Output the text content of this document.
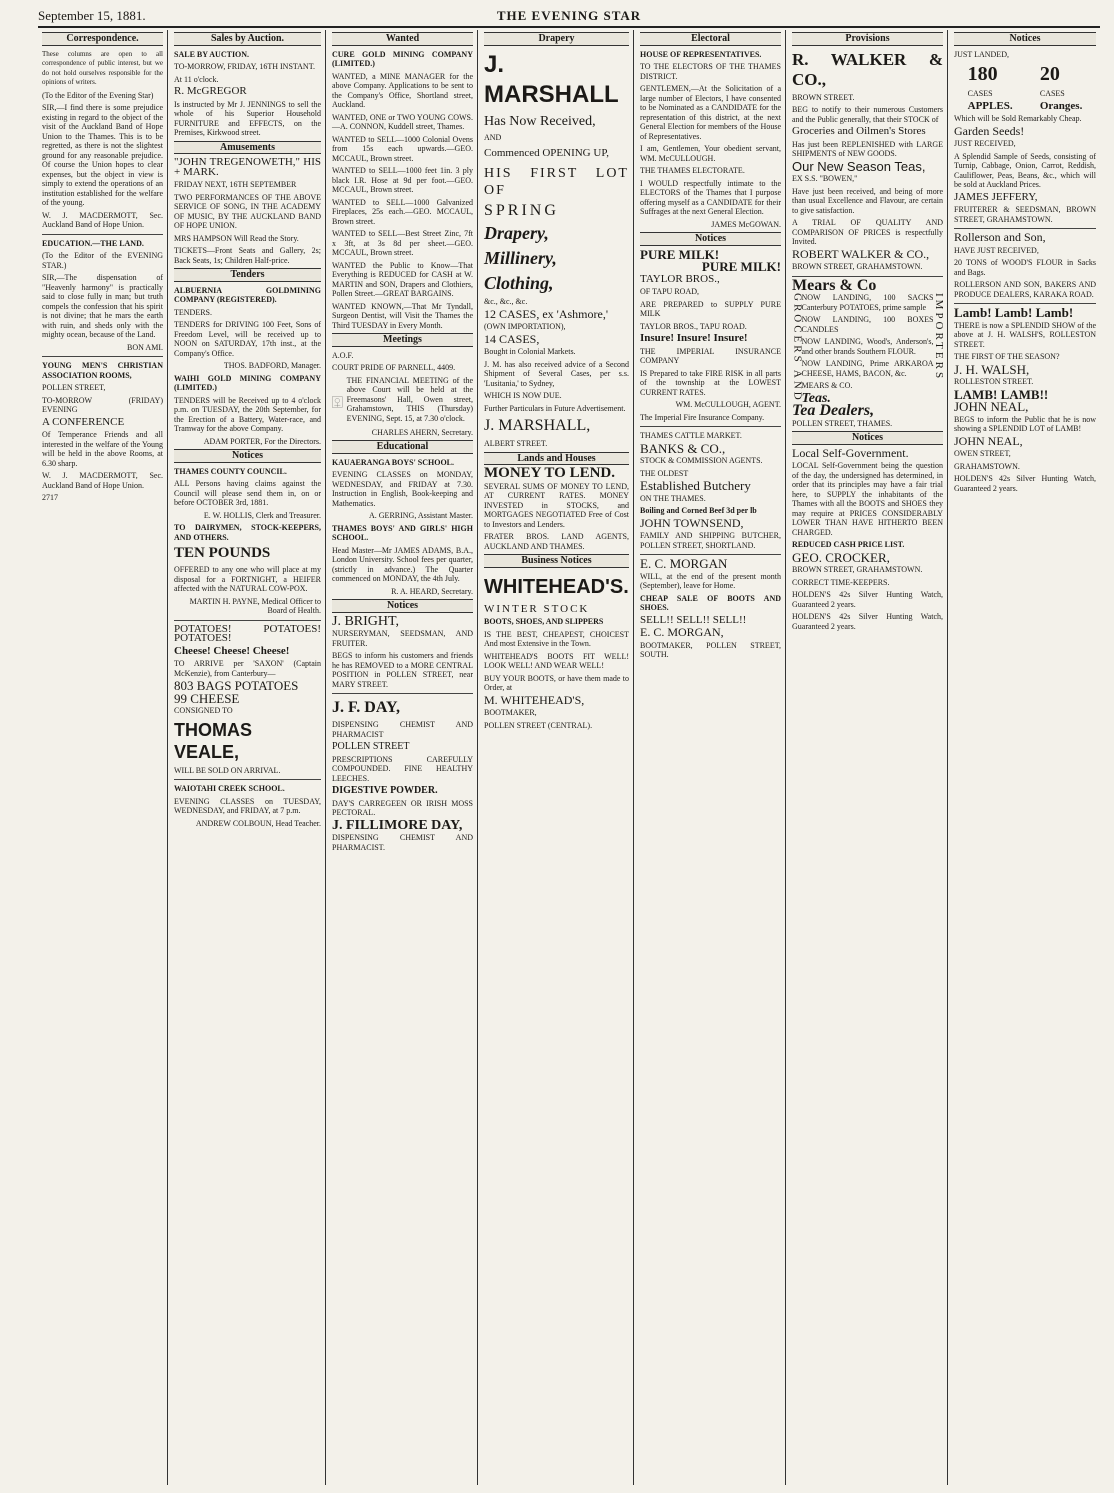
September 15, 1881.	THE EVENING STAR
Correspondence.

These columns are open to all correspondence of public interest, but we do not hold ourselves responsible for the opinions of writers.

(To the Editor of the Evening Star)

SIR,—I find there is some prejudice existing in regard to the object of the visit of the Auckland Band of Hope Union to the Thames. This is to be regretted, as there is not the slightest ground for any reasonable prejudice. Of course the Union hopes to clear expenses, but the object in view is simply to extend the operations of an institution established for the welfare of the young.

W. J. MACDERMOTT, Sec. Auckland Band of Hope Union.

EDUCATION.—THE LAND.

(To the Editor of the EVENING STAR.)

SIR,—The dispensation of "Heavenly harmony" is practically said to close fully in man; but truth compels the confession that his spirit is not divine; that he mars the earth with ruin, and sheds only with the mighty ocean, because of the Land.

BON AMI.

YOUNG MEN'S CHRISTIAN ASSOCIATION ROOMS,

POLLEN STREET,

TO-MORROW (FRIDAY) EVENING

A CONFERENCE

Of Temperance Friends and all interested in the welfare of the Young will be held in the above Rooms, at 6.30 sharp.

W. J. MACDERMOTT, Sec. Auckland Band of Hope Union.

2717

Sales by Auction.

SALE BY AUCTION.

TO-MORROW, FRIDAY, 16TH INSTANT.

At 11 o'clock.

R. McGREGOR

Is instructed by Mr J. JENNINGS to sell the whole of his Superior Household FURNITURE and EFFECTS, on the Premises, Kirkwood street.

Amusements

"JOHN TREGENOWETH," HIS + MARK.

FRIDAY NEXT, 16TH SEPTEMBER

TWO PERFORMANCES OF THE ABOVE SERVICE OF SONG, IN THE ACADEMY OF MUSIC, BY THE AUCKLAND BAND OF HOPE UNION.

MRS HAMPSON Will Read the Story.

TICKETS—Front Seats and Gallery, 2s; Back Seats, 1s; Children Half-price.

Tenders

ALBUERNIA GOLDMINING COMPANY (REGISTERED).

TENDERS.

TENDERS for DRIVING 100 Feet, Sons of Freedom Level, will be received up to NOON on SATURDAY, 17th inst., at the Company's Office.

THOS. BADFORD, Manager.

WAIHI GOLD MINING COMPANY (LIMITED.)

TENDERS will be Received up to 4 o'clock p.m. on TUESDAY, the 20th September, for the Erection of a Battery, Water-race, and Tramway for the above Company.

ADAM PORTER, For the Directors.

Notices

THAMES COUNTY COUNCIL.

ALL Persons having claims against the Council will please send them in, on or before OCTOBER 3rd, 1881.

E. W. HOLLIS, Clerk and Treasurer.

TO DAIRYMEN, STOCK-KEEPERS, AND OTHERS.

TEN POUNDS

OFFERED to any one who will place at my disposal for a FORTNIGHT, a HEIFER affected with the NATURAL COW-POX.

MARTIN H. PAYNE, Medical Officer to Board of Health.

POTATOES! POTATOES! POTATOES!

Cheese! Cheese! Cheese!

TO ARRIVE per 'SAXON' (Captain McKenzie), from Canterbury—

803 BAGS POTATOES

99 CHEESE

CONSIGNED TO

THOMAS VEALE,

WILL BE SOLD ON ARRIVAL.

WAIOTAHI CREEK SCHOOL.

EVENING CLASSES on TUESDAY, WEDNESDAY, and FRIDAY, at 7 p.m.

ANDREW COLBOUN, Head Teacher.

Wanted

CURE GOLD MINING COMPANY (LIMITED.)

WANTED, a MINE MANAGER for the above Company. Applications to be sent to the Company's Office, Shortland street, Auckland.

WANTED, ONE or TWO YOUNG COWS.—A. CONNON, Kuddell street, Thames.

WANTED to SELL—1000 Colonial Ovens from 15s each upwards.—GEO. MCCAUL, Brown street.

WANTED to SELL—1000 feet 1in. 3 ply black I.R. Hose at 9d per foot.—GEO. MCCAUL, Brown street.

WANTED to SELL—1000 Galvanized Fireplaces, 25s each.—GEO. MCCAUL, Brown street.

WANTED to SELL—Best Street Zinc, 7ft x 3ft, at 3s 8d per sheet.—GEO. MCCAUL, Brown street.

WANTED the Public to Know—That Everything is REDUCED for CASH at W. MARTIN and SON, Drapers and Clothiers, Pollen Street.—GREAT BARGAINS.

WANTED KNOWN,—That Mr Tyndall, Surgeon Dentist, will Visit the Thames the Third TUESDAY in Every Month.

Meetings

A.O.F.

COURT PRIDE OF PARNELL, 4409.

THE FINANCIAL MEETING of the above Court will be held at the Freemasons' Hall, Owen street, Grahamstown, THIS (Thursday) EVENING, Sept. 15, at 7.30 o'clock.

CHARLES AHERN, Secretary.

Educational

KAUAERANGA BOYS' SCHOOL.

EVENING CLASSES on MONDAY, WEDNESDAY, and FRIDAY at 7.30. Instruction in English, Book-keeping and Mathematics.

A. GERRING, Assistant Master.

THAMES BOYS' AND GIRLS' HIGH SCHOOL.

Head Master—Mr JAMES ADAMS, B.A., London University. School fees per quarter, (strictly in advance.) The Quarter commenced on MONDAY, the 4th July.

R. A. HEARD, Secretary.

Notices

J. BRIGHT,

NURSERYMAN, SEEDSMAN, AND FRUITER.

BEGS to inform his customers and friends he has REMOVED to a MORE CENTRAL POSITION in POLLEN STREET, near MARY STREET.

J. F. DAY,

DISPENSING CHEMIST AND PHARMACIST

POLLEN STREET

PRESCRIPTIONS CAREFULLY COMPOUNDED. FINE HEALTHY LEECHES.

DIGESTIVE POWDER.

DAY'S CARREGEEN OR IRISH MOSS PECTORAL.

J. FILLIMORE DAY,

DISPENSING CHEMIST AND PHARMACIST.

Drapery

J. MARSHALL

Has Now Received,

AND

Commenced OPENING UP,

HIS FIRST LOT OF

SPRING

Drapery,

Millinery,

Clothing,

&c., &c., &c.

12 CASES, ex 'Ashmore,'

(OWN IMPORTATION),

14 CASES,

Bought in Colonial Markets.

J. M. has also received advice of a Second Shipment of Several Cases, per s.s. 'Lusitania,' to Sydney,

WHICH IS NOW DUE.

Further Particulars in Future Advertisement.

J. MARSHALL,

ALBERT STREET.

Lands and Houses

MONEY TO LEND.

SEVERAL SUMS OF MONEY TO LEND, AT CURRENT RATES. MONEY INVESTED in STOCKS, and MORTGAGES NEGOTIATED Free of Cost to Investors and Lenders.

FRATER BROS. LAND AGENTS, AUCKLAND AND THAMES.

Business Notices

WHITEHEAD'S.

WINTER STOCK

BOOTS, SHOES, AND SLIPPERS

IS THE BEST, CHEAPEST, CHOICEST And most Extensive in the Town.

WHITEHEAD'S BOOTS FIT WELL! LOOK WELL! AND WEAR WELL!

BUY YOUR BOOTS, or have them made to Order, at

M. WHITEHEAD'S,

BOOTMAKER,

POLLEN STREET (CENTRAL).

Electoral

HOUSE OF REPRESENTATIVES.

TO THE ELECTORS OF THE THAMES DISTRICT.

GENTLEMEN,—At the Solicitation of a large number of Electors, I have consented to be Nominated as a CANDIDATE for the representation of this district, at the next General Election for members of the House of Representatives.

I am, Gentlemen, Your obedient servant, WM. McCULLOUGH.

THE THAMES ELECTORATE.

I WOULD respectfully intimate to the ELECTORS of the Thames that I purpose offering myself as a CANDIDATE for their Suffrages at the next General Election.

JAMES McGOWAN.

Notices

PURE MILK!

PURE MILK!

TAYLOR BROS.,

OF TAPU ROAD,

ARE PREPARED to SUPPLY PURE MILK

TAYLOR BROS., TAPU ROAD.

Insure! Insure! Insure!

THE IMPERIAL INSURANCE COMPANY

IS Prepared to take FIRE RISK in all parts of the township at the LOWEST CURRENT RATES.

WM. McCULLOUGH, AGENT.

The Imperial Fire Insurance Company.

THAMES CATTLE MARKET.

BANKS & CO.,

STOCK & COMMISSION AGENTS.

THE OLDEST

Established Butchery

ON THE THAMES.

Boiling and Corned Beef 3d per lb

JOHN TOWNSEND,

FAMILY AND SHIPPING BUTCHER, POLLEN STREET, SHORTLAND.

E. C. MORGAN

WILL, at the end of the present month (September), leave for Home.

CHEAP SALE OF BOOTS AND SHOES.

SELL!! SELL!! SELL!!

E. C. MORGAN,

BOOTMAKER, POLLEN STREET, SOUTH.

Provisions

R. WALKER & CO.,

BROWN STREET.

BEG to notify to their numerous Customers and the Public generally, that their STOCK of

Groceries and Oilmen's Stores

Has just been REPLENISHED with LARGE SHIPMENTS of NEW GOODS.

Our New Season Teas,

EX S.S. "BOWEN,"

Have just been received, and being of more than usual Excellence and Flavour, are certain to give satisfaction.

A TRIAL OF QUALITY AND COMPARISON OF PRICES is respectfully Invited.

ROBERT WALKER & CO.,

BROWN STREET, GRAHAMSTOWN.

Mears & Co

GROCERS AND

NOW LANDING, 100 SACKS Canterbury POTATOES, prime sample

NOW LANDING, 100 BOXES CANDLES

NOW LANDING, Wood's, Anderson's, and other brands Southern FLOUR.

NOW LANDING, Prime ARKAROA CHEESE, HAMS, BACON, &c.

MEARS & CO.

Teas.

IMPORTERS

Tea Dealers,

POLLEN STREET, THAMES.

Notices

Local Self-Government.

LOCAL Self-Government being the question of the day, the undersigned has determined, in order that its principles may have a fair trial here, to SUPPLY the inhabitants of the Thames with all the BOOTS and SHOES they may require at PRICES CONSIDERABLY LOWER THAN HAVE HITHERTO BEEN CHARGED.

REDUCED CASH PRICE LIST.

GEO. CROCKER,

BROWN STREET, GRAHAMSTOWN.

CORRECT TIME-KEEPERS.

HOLDEN'S 42s Silver Hunting Watch, Guaranteed 2 years.

HOLDEN'S 42s Silver Hunting Watch, Guaranteed 2 years.

Notices

JUST LANDED,

180

CASES

APPLES.

20

CASES

Oranges.

Which will be Sold Remarkably Cheap.

Garden Seeds!

JUST RECEIVED,

A Splendid Sample of Seeds, consisting of Turnip, Cabbage, Onion, Carrot, Reddish, Cauliflower, Peas, Beans, &c., which will be sold at Auckland Prices.

JAMES JEFFERY,

FRUITERER & SEEDSMAN, BROWN STREET, GRAHAMSTOWN.

Rollerson and Son,

HAVE JUST RECEIVED,

20 TONS of WOOD'S FLOUR in Sacks and Bags.

ROLLERSON AND SON, BAKERS AND PRODUCE DEALERS, KARAKA ROAD.

Lamb! Lamb! Lamb!

THERE is now a SPLENDID SHOW of the above at J. H. WALSH'S, ROLLESTON STREET.

THE FIRST OF THE SEASON?

J. H. WALSH,

ROLLESTON STREET.

LAMB! LAMB!!

JOHN NEAL,

BEGS to inform the Public that he is now showing a SPLENDID LOT of LAMB!

JOHN NEAL,

OWEN STREET,

GRAHAMSTOWN.

HOLDEN'S 42s Silver Hunting Watch, Guaranteed 2 years.
